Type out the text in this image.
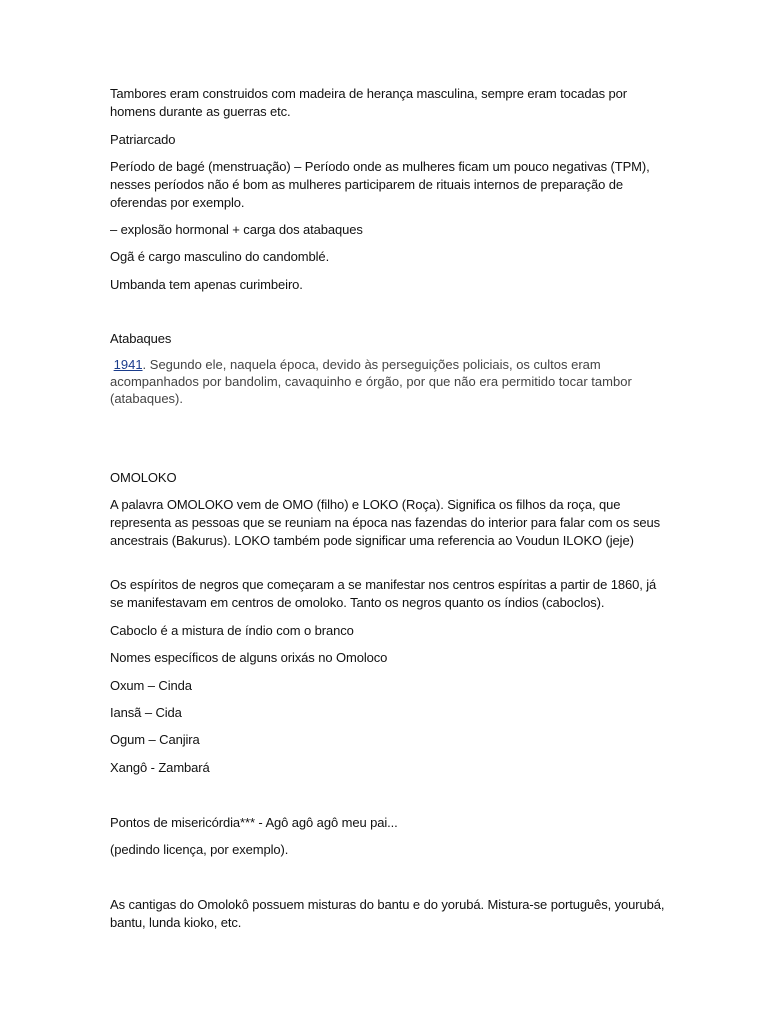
Tambores eram construidos com madeira de herança masculina, sempre eram tocadas por homens durante as guerras etc.

Patriarcado

Período de bagé (menstruação) – Período onde as mulheres ficam um pouco negativas (TPM), nesses períodos não é bom as mulheres participarem de rituais internos de preparação de oferendas por exemplo.

– explosão hormonal + carga dos atabaques

Ogã é cargo masculino do candomblé.

Umbanda tem apenas curimbeiro.

Atabaques

1941. Segundo ele, naquela época, devido às perseguições policiais, os cultos eram acompanhados por bandolim, cavaquinho e órgão, por que não era permitido tocar tambor (atabaques).

OMOLOKO

A palavra OMOLOKO vem de OMO (filho) e LOKO (Roça). Significa os filhos da roça, que representa as pessoas que se reuniam na época nas fazendas do interior para falar com os seus ancestrais (Bakurus). LOKO também pode significar uma referencia ao Voudun ILOKO (jeje)

Os espíritos de negros que começaram a se manifestar nos centros espíritas a partir de 1860, já se manifestavam em centros de omoloko. Tanto os negros quanto os índios (caboclos).

Caboclo é a mistura de índio com o branco

Nomes específicos de alguns orixás no Omoloco

Oxum – Cinda

Iansã – Cida

Ogum – Canjira

Xangô - Zambará

Pontos de misericórdia*** - Agô agô agô meu pai...

(pedindo licença, por exemplo).

As cantigas do Omolokô possuem misturas do bantu e do yorubá. Mistura-se português, yourubá, bantu, lunda kioko, etc.
